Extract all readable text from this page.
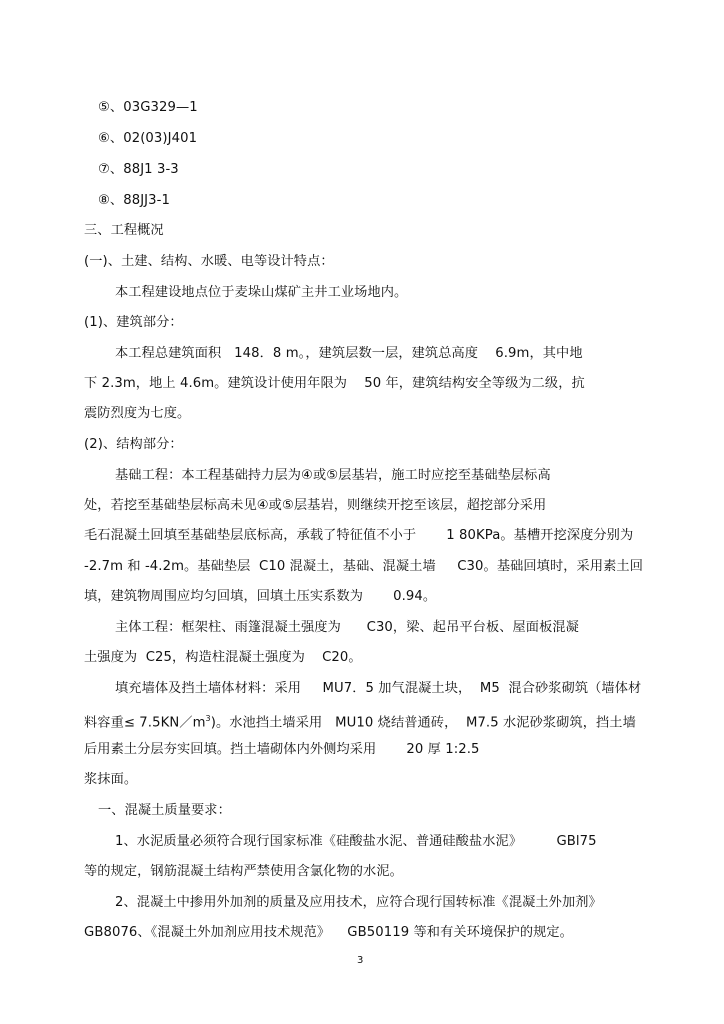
⑤、03G329—1

⑥、02(03)J401

⑦、88J1 3-3

⑧、88JJ3-1

三、工程概况

(一)、土建、结构、水暖、电等设计特点：

本工程建设地点位于麦垛山煤矿主井工业场地内。

(1)、建筑部分：

本工程总建筑面积   148．8 m。，建筑层数一层，建筑总高度    6.9m，其中地

下 2.3m，地上 4.6m。建筑设计使用年限为    50 年，建筑结构安全等级为二级，抗

震防烈度为七度。

(2)、结构部分：

基础工程：本工程基础持力层为④或⑤层基岩，施工时应挖至基础垫层标高

处，若挖至基础垫层标高未见④或⑤层基岩，则继续开挖至该层，超挖部分采用

毛石混凝土回填至基础垫层底标高，承载了特征值不小于       1 80KPa。基槽开挖深度分别为

-2.7m 和 -4.2m。基础垫层  C10 混凝土，基础、混凝土墙     C30。基础回填时，采用素土回

填，建筑物周围应均匀回填，回填土压实系数为       0.94。

主体工程：框架柱、雨篷混凝土强度为      C30，梁、起吊平台板、屋面板混凝

土强度为  C25，构造柱混凝土强度为    C20。

填充墙体及挡土墙体材料：采用     MU7．5 加气混凝土块，  M5  混合砂浆砌筑（墙体材

料容重≤ $7.5KN/m^3$)。水池挡土墙采用   MU10 烧结普通砖，  M7.5 水泥砂浆砌筑，挡土墙

后用素土分层夯实回填。挡土墙砌体内外侧均采用       20 厚 1:2.5

浆抹面。

一、混凝土质量要求：

1、水泥质量必须符合现行国家标准《硅酸盐水泥、普通硅酸盐水泥》        GBl75

等的规定，钢筋混凝土结构严禁使用含氯化物的水泥。

2、混凝土中掺用外加剂的质量及应用技术，应符合现行国转标准《混凝土外加剂》

GB8076、《混凝土外加剂应用技术规范》    GB50119 等和有关环境保护的规定。

3
